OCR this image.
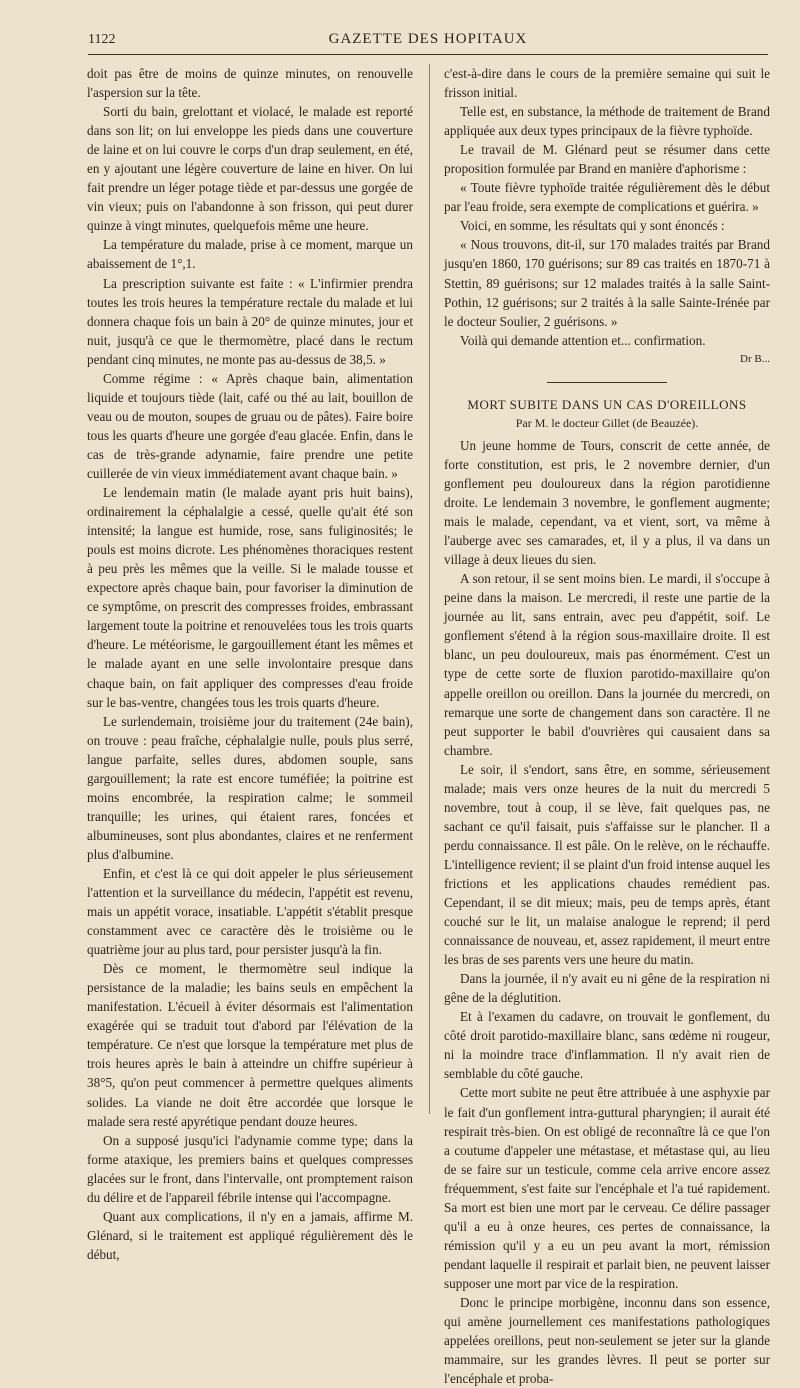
1122	GAZETTE DES HOPITAUX

doit pas être de moins de quinze minutes, on renouvelle l'aspersion sur la tête.

Sorti du bain, grelottant et violacé, le malade est reporté dans son lit; on lui enveloppe les pieds dans une couverture de laine et on lui couvre le corps d'un drap seulement, en été, en y ajoutant une légère couverture de laine en hiver. On lui fait prendre un léger potage tiède et par-dessus une gorgée de vin vieux; puis on l'abandonne à son frisson, qui peut durer quinze à vingt minutes, quelquefois même une heure.

La température du malade, prise à ce moment, marque un abaissement de 1°,1.

La prescription suivante est faite : « L'infirmier prendra toutes les trois heures la température rectale du malade et lui donnera chaque fois un bain à 20° de quinze minutes, jour et nuit, jusqu'à ce que le thermomètre, placé dans le rectum pendant cinq minutes, ne monte pas au-dessus de 38,5. »

Comme régime : « Après chaque bain, alimentation liquide et toujours tiède (lait, café ou thé au lait, bouillon de veau ou de mouton, soupes de gruau ou de pâtes). Faire boire tous les quarts d'heure une gorgée d'eau glacée. Enfin, dans le cas de très-grande adynamie, faire prendre une petite cuillerée de vin vieux immédiatement avant chaque bain. »

Le lendemain matin (le malade ayant pris huit bains), ordinairement la céphalalgie a cessé, quelle qu'ait été son intensité; la langue est humide, rose, sans fuliginosités; le pouls est moins dicrote. Les phénomènes thoraciques restent à peu près les mêmes que la veille. Si le malade tousse et expectore après chaque bain, pour favoriser la diminution de ce symptôme, on prescrit des compresses froides, embrassant largement toute la poitrine et renouvelées tous les trois quarts d'heure. Le météorisme, le gargouillement étant les mêmes et le malade ayant en une selle involontaire presque dans chaque bain, on fait appliquer des compresses d'eau froide sur le bas-ventre, changées tous les trois quarts d'heure.

Le surlendemain, troisième jour du traitement (24e bain), on trouve : peau fraîche, céphalalgie nulle, pouls plus serré, langue parfaite, selles dures, abdomen souple, sans gargouillement; la rate est encore tuméfiée; la poitrine est moins encombrée, la respiration calme; le sommeil tranquille; les urines, qui étaient rares, foncées et albumineuses, sont plus abondantes, claires et ne renferment plus d'albumine.

Enfin, et c'est là ce qui doit appeler le plus sérieusement l'attention et la surveillance du médecin, l'appétit est revenu, mais un appétit vorace, insatiable. L'appétit s'établit presque constamment avec ce caractère dès le troisième ou le quatrième jour au plus tard, pour persister jusqu'à la fin.

Dès ce moment, le thermomètre seul indique la persistance de la maladie; les bains seuls en empêchent la manifestation. L'écueil à éviter désormais est l'alimentation exagérée qui se traduit tout d'abord par l'élévation de la température. Ce n'est que lorsque la température met plus de trois heures après le bain à atteindre un chiffre supérieur à 38°5, qu'on peut commencer à permettre quelques aliments solides. La viande ne doit être accordée que lorsque le malade sera resté apyrétique pendant douze heures.

On a supposé jusqu'ici l'adynamie comme type; dans la forme ataxique, les premiers bains et quelques compresses glacées sur le front, dans l'intervalle, ont promptement raison du délire et de l'appareil fébrile intense qui l'accompagne.

Quant aux complications, il n'y en a jamais, affirme M. Glénard, si le traitement est appliqué régulièrement dès le début,

c'est-à-dire dans le cours de la première semaine qui suit le frisson initial.

Telle est, en substance, la méthode de traitement de Brand appliquée aux deux types principaux de la fièvre typhoïde.

Le travail de M. Glénard peut se résumer dans cette proposition formulée par Brand en manière d'aphorisme :

« Toute fièvre typhoïde traitée régulièrement dès le début par l'eau froide, sera exempte de complications et guérira. »

Voici, en somme, les résultats qui y sont énoncés :

« Nous trouvons, dit-il, sur 170 malades traités par Brand jusqu'en 1860, 170 guérisons; sur 89 cas traités en 1870-71 à Stettin, 89 guérisons; sur 12 malades traités à la salle Saint-Pothin, 12 guérisons; sur 2 traités à la salle Sainte-Irénée par le docteur Soulier, 2 guérisons. »

Voilà qui demande attention et... confirmation.

Dr B...

MORT SUBITE DANS UN CAS D'OREILLONS

Par M. le docteur Gillet (de Beauzée).

Un jeune homme de Tours, conscrit de cette année, de forte constitution, est pris, le 2 novembre dernier, d'un gonflement peu douloureux dans la région parotidienne droite. Le lendemain 3 novembre, le gonflement augmente; mais le malade, cependant, va et vient, sort, va même à l'auberge avec ses camarades, et, il y a plus, il va dans un village à deux lieues du sien.

A son retour, il se sent moins bien. Le mardi, il s'occupe à peine dans la maison. Le mercredi, il reste une partie de la journée au lit, sans entrain, avec peu d'appétit, soif. Le gonflement s'étend à la région sous-maxillaire droite. Il est blanc, un peu douloureux, mais pas énormément. C'est un type de cette sorte de fluxion parotido-maxillaire qu'on appelle oreillon ou oreillon. Dans la journée du mercredi, on remarque une sorte de changement dans son caractère. Il ne peut supporter le babil d'ouvrières qui causaient dans sa chambre.

Le soir, il s'endort, sans être, en somme, sérieusement malade; mais vers onze heures de la nuit du mercredi 5 novembre, tout à coup, il se lève, fait quelques pas, ne sachant ce qu'il faisait, puis s'affaisse sur le plancher. Il a perdu connaissance. Il est pâle. On le relève, on le réchauffe. L'intelligence revient; il se plaint d'un froid intense auquel les frictions et les applications chaudes remédient pas. Cependant, il se dit mieux; mais, peu de temps après, étant couché sur le lit, un malaise analogue le reprend; il perd connaissance de nouveau, et, assez rapidement, il meurt entre les bras de ses parents vers une heure du matin.

Dans la journée, il n'y avait eu ni gêne de la respiration ni gêne de la déglutition.

Et à l'examen du cadavre, on trouvait le gonflement, du côté droit parotido-maxillaire blanc, sans œdème ni rougeur, ni la moindre trace d'inflammation. Il n'y avait rien de semblable du côté gauche.

Cette mort subite ne peut être attribuée à une asphyxie par le fait d'un gonflement intra-guttural pharyngien; il aurait été respirait très-bien. On est obligé de reconnaître là ce que l'on a coutume d'appeler une métastase, et métastase qui, au lieu de se faire sur un testicule, comme cela arrive encore assez fréquemment, s'est faite sur l'encéphale et l'a tué rapidement. Sa mort est bien une mort par le cerveau. Ce délire passager qu'il a eu à onze heures, ces pertes de connaissance, la rémission qu'il y a eu un peu avant la mort, rémission pendant laquelle il respirait et parlait bien, ne peuvent laisser supposer une mort par vice de la respiration.

Donc le principe morbigène, inconnu dans son essence, qui amène journellement ces manifestations pathologiques appelées oreillons, peut non-seulement se jeter sur la glande mammaire, sur les grandes lèvres. Il peut se porter sur l'encéphale et proba-
